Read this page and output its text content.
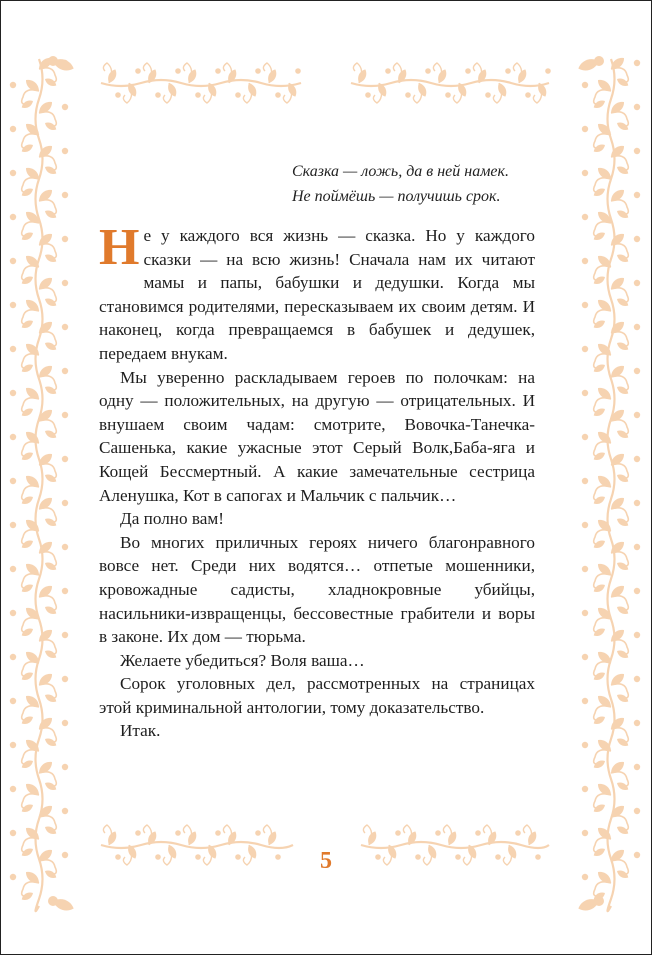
Сказка — ложь, да в ней намек.
Не поймёшь — получишь срок.

Не у каждого вся жизнь — сказка. Но у каждого сказки — на всю жизнь! Сначала нам их читают мамы и папы, бабушки и дедушки. Когда мы становимся родителями, пересказываем их своим детям. И наконец, когда превращаемся в бабушек и дедушек, передаем внукам.

Мы уверенно раскладываем героев по полочкам: на одну — положительных, на другую — отрицательных. И внушаем своим чадам: смотрите, Вовочка-Танечка-Сашенька, какие ужасные этот Серый Волк,Баба-яга и Кощей Бессмертный. А какие замечательные сестрица Аленушка, Кот в сапогах и Мальчик с пальчик…

Да полно вам!

Во многих приличных героях ничего благонравного вовсе нет. Среди них водятся… отпетые мошенники, кровожадные садисты, хладнокровные убийцы, насильники-извращенцы, бессовестные грабители и воры в законе. Их дом — тюрьма.

Желаете убедиться? Воля ваша…

Сорок уголовных дел, рассмотренных на страницах этой криминальной антологии, тому доказательство.

Итак.

5
